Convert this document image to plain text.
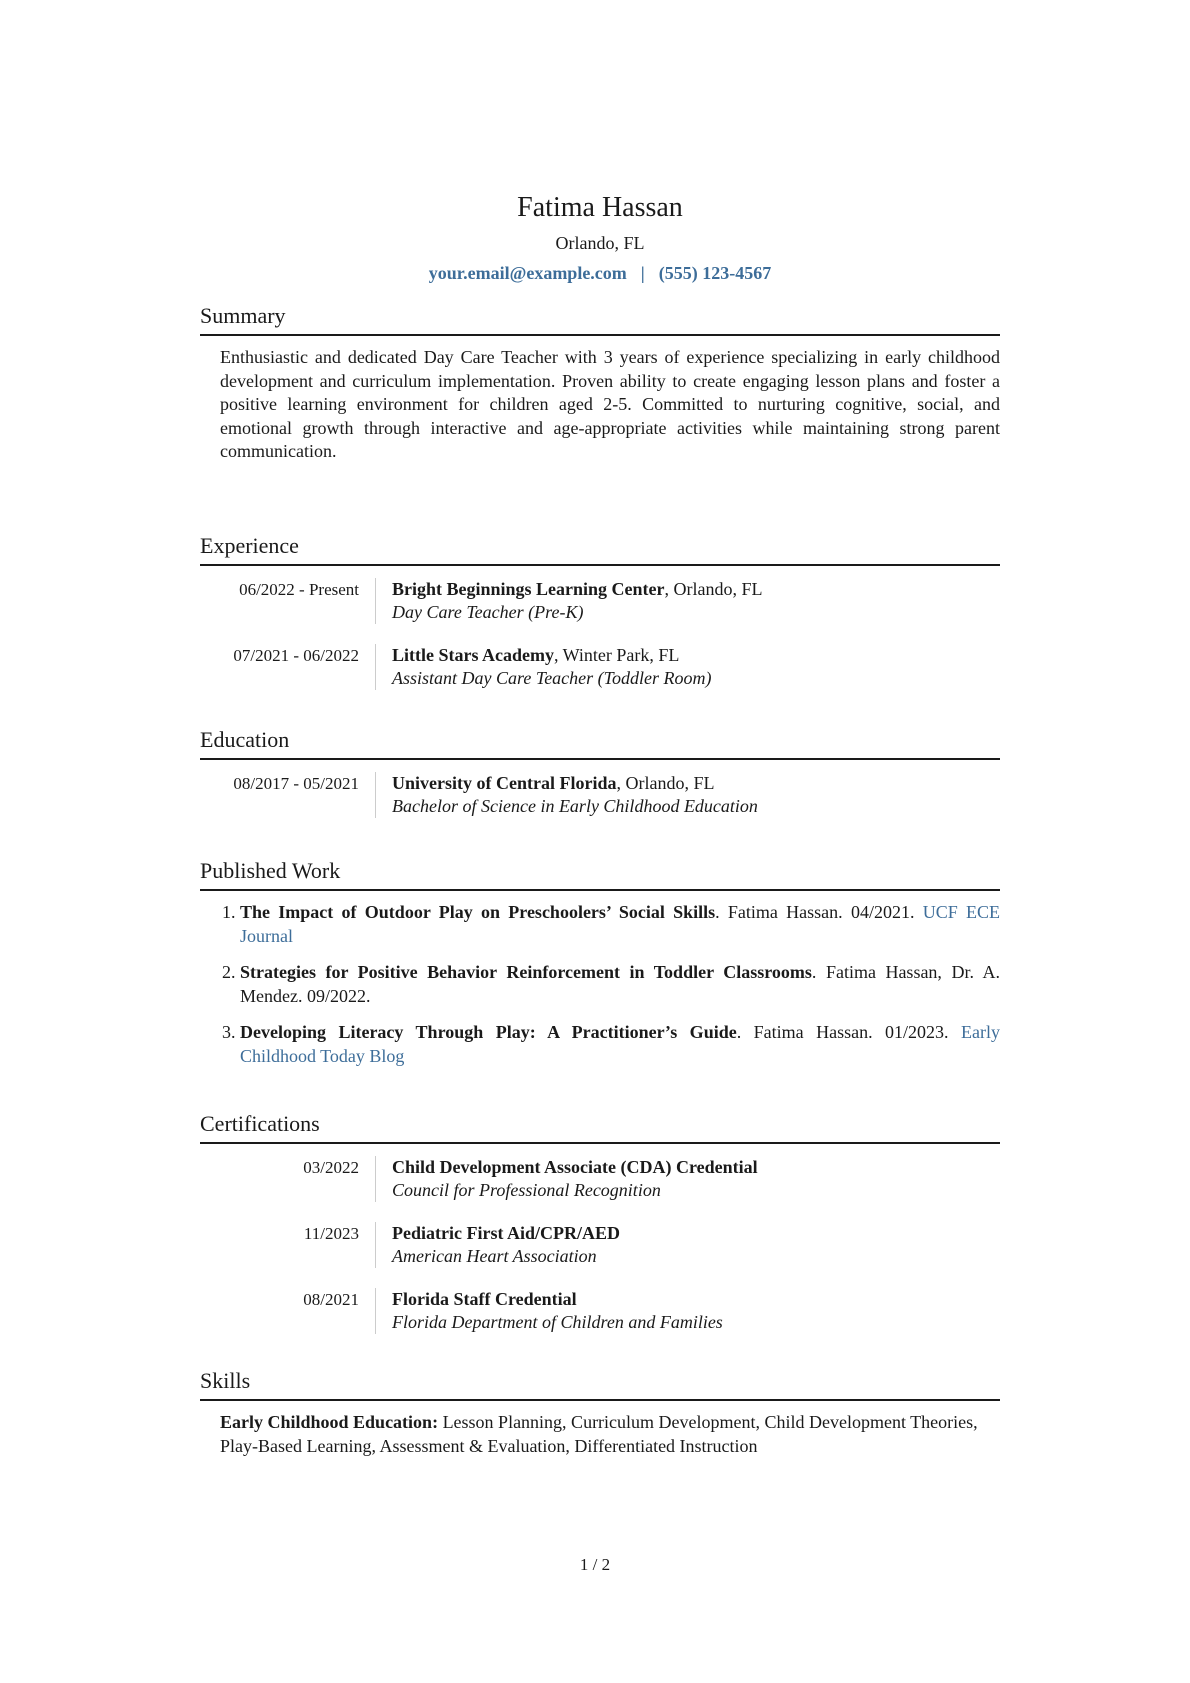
Fatima Hassan
Orlando, FL
your.email@example.com | (555) 123-4567
Summary

Enthusiastic and dedicated Day Care Teacher with 3 years of experience specializing in early childhood development and curriculum implementation. Proven ability to create engaging lesson plans and foster a positive learning environment for children aged 2-5. Committed to nurturing cognitive, social, and emotional growth through interactive and age-appropriate activities while maintaining strong parent communication.

Experience
06/2022 - Present	Bright Beginnings Learning Center, Orlando, FL
Day Care Teacher (Pre-K)
07/2021 - 06/2022	Little Stars Academy, Winter Park, FL
Assistant Day Care Teacher (Toddler Room)
Education
08/2017 - 05/2021	University of Central Florida, Orlando, FL
Bachelor of Science in Early Childhood Education
Published Work
1. The Impact of Outdoor Play on Preschoolers’ Social Skills. Fatima Hassan. 04/2021. UCF ECE Journal
2. Strategies for Positive Behavior Reinforcement in Toddler Classrooms. Fatima Hassan, Dr. A. Mendez. 09/2022.
3. Developing Literacy Through Play: A Practitioner’s Guide. Fatima Hassan. 01/2023. Early Childhood Today Blog
Certifications
03/2022	Child Development Associate (CDA) Credential
Council for Professional Recognition
11/2023	Pediatric First Aid/CPR/AED
American Heart Association
08/2021	Florida Staff Credential
Florida Department of Children and Families
Skills

Early Childhood Education: Lesson Planning, Curriculum Development, Child Development Theories, Play-Based Learning, Assessment & Evaluation, Differentiated Instruction

1 / 2
